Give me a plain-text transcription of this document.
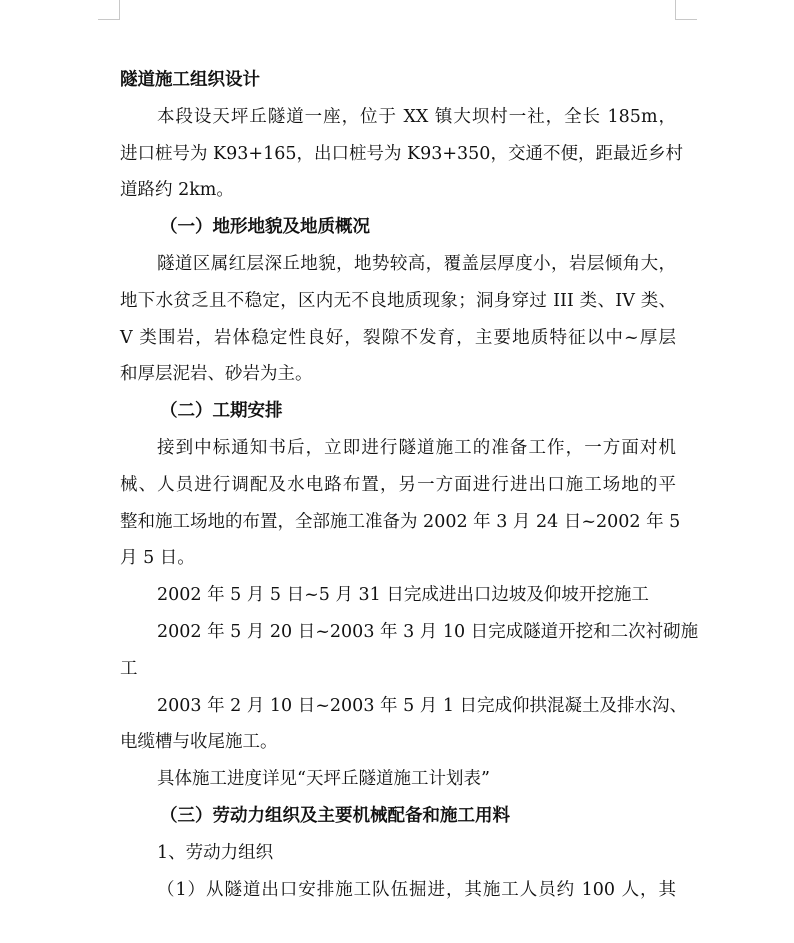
隧道施工组织设计
本段设天坪丘隧道一座，位于 XX 镇大坝村一社，全长 185m，
进口桩号为 K93+165，出口桩号为 K93+350，交通不便，距最近乡村
道路约 2km。
（一）地形地貌及地质概况
隧道区属红层深丘地貌，地势较高，覆盖层厚度小，岩层倾角大，
地下水贫乏且不稳定，区内无不良地质现象；洞身穿过 III 类、IV 类、
V 类围岩，岩体稳定性良好，裂隙不发育，主要地质特征以中~厚层
和厚层泥岩、砂岩为主。
（二）工期安排
接到中标通知书后，立即进行隧道施工的准备工作，一方面对机
械、人员进行调配及水电路布置，另一方面进行进出口施工场地的平
整和施工场地的布置，全部施工准备为 2002 年 3 月 24 日~2002 年 5
月 5 日。
2002 年 5 月 5 日~5 月 31 日完成进出口边坡及仰坡开挖施工
2002 年 5 月 20 日~2003 年 3 月 10 日完成隧道开挖和二次衬砌施
工
2003 年 2 月 10 日~2003 年 5 月 1 日完成仰拱混凝土及排水沟、
电缆槽与收尾施工。
具体施工进度详见“天坪丘隧道施工计划表”
（三）劳动力组织及主要机械配备和施工用料
1、劳动力组织
（1）从隧道出口安排施工队伍掘进，其施工人员约 100 人，其
